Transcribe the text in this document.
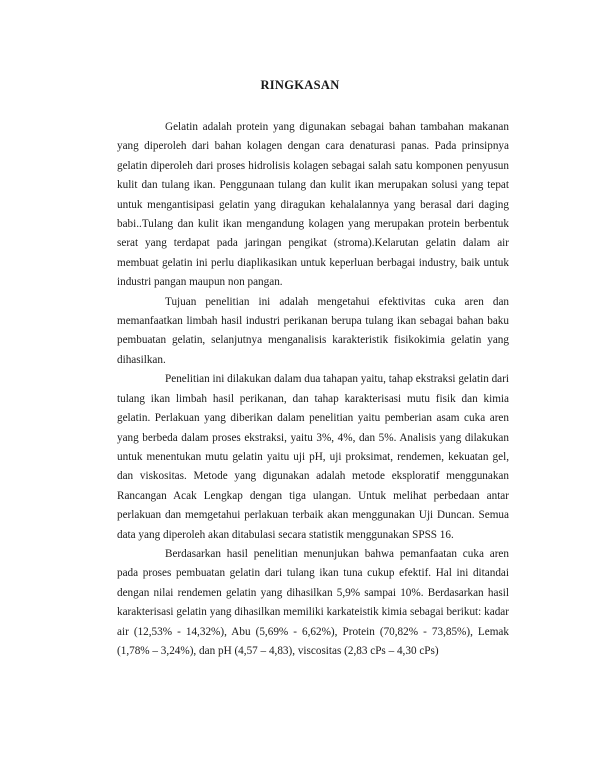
RINGKASAN

Gelatin adalah protein yang digunakan sebagai bahan tambahan makanan yang diperoleh dari bahan kolagen dengan cara denaturasi panas. Pada prinsipnya gelatin diperoleh dari proses hidrolisis kolagen sebagai salah satu komponen penyusun kulit dan tulang ikan. Penggunaan tulang dan kulit ikan merupakan solusi yang tepat untuk mengantisipasi gelatin yang diragukan kehalalannya yang berasal dari daging babi..Tulang dan kulit ikan mengandung kolagen yang merupakan protein berbentuk serat yang terdapat pada jaringan pengikat (stroma).Kelarutan gelatin dalam air membuat gelatin ini perlu diaplikasikan untuk keperluan berbagai industry, baik untuk industri pangan maupun non pangan.

Tujuan penelitian ini adalah mengetahui efektivitas cuka aren dan memanfaatkan limbah hasil industri perikanan berupa tulang ikan sebagai bahan baku pembuatan gelatin, selanjutnya menganalisis karakteristik fisikokimia gelatin yang dihasilkan.

Penelitian ini dilakukan dalam dua tahapan yaitu, tahap ekstraksi gelatin dari tulang ikan limbah hasil perikanan, dan tahap karakterisasi mutu fisik dan kimia gelatin. Perlakuan yang diberikan dalam penelitian yaitu pemberian asam cuka aren yang berbeda dalam proses ekstraksi, yaitu 3%, 4%, dan 5%. Analisis yang dilakukan untuk menentukan mutu gelatin yaitu uji pH, uji proksimat, rendemen, kekuatan gel, dan viskositas. Metode yang digunakan adalah metode eksploratif menggunakan Rancangan Acak Lengkap dengan tiga ulangan. Untuk melihat perbedaan antar perlakuan dan memgetahui perlakuan terbaik akan menggunakan Uji Duncan. Semua data yang diperoleh akan ditabulasi secara statistik menggunakan SPSS 16.

Berdasarkan hasil penelitian menunjukan bahwa pemanfaatan cuka aren pada proses pembuatan gelatin dari tulang ikan tuna cukup efektif. Hal ini ditandai dengan nilai rendemen gelatin yang dihasilkan 5,9% sampai 10%. Berdasarkan hasil karakterisasi gelatin yang dihasilkan memiliki karkateistik kimia sebagai berikut: kadar air (12,53% - 14,32%), Abu (5,69% - 6,62%), Protein (70,82% - 73,85%), Lemak (1,78% – 3,24%), dan pH (4,57 – 4,83), viscositas (2,83 cPs – 4,30 cPs)
